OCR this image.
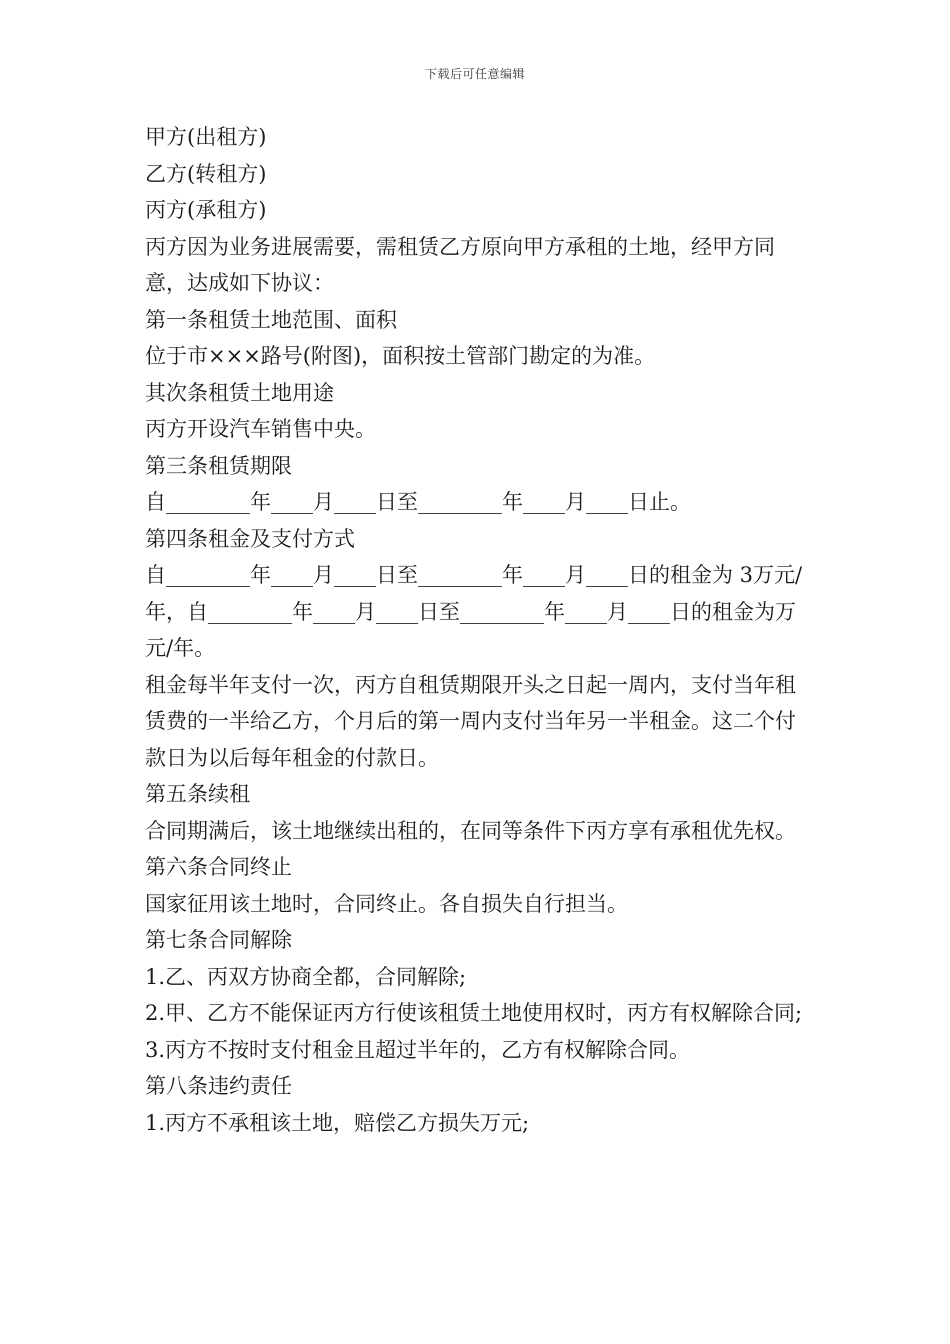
下载后可任意编辑

甲方(出租方)

乙方(转租方)

丙方(承租方)

丙方因为业务进展需要，需租赁乙方原向甲方承租的土地，经甲方同意，达成如下协议：

第一条租赁土地范围、面积

位于市×××路号(附图)，面积按土管部门勘定的为准。

其次条租赁土地用途

丙方开设汽车销售中央。

第三条租赁期限

自________年____月____日至________年____月____日止。

第四条租金及支付方式

自________年____月____日至________年____月____日的租金为 3万元/年，自________年____月____日至________年____月____日的租金为万元/年。

租金每半年支付一次，丙方自租赁期限开头之日起一周内，支付当年租赁费的一半给乙方，个月后的第一周内支付当年另一半租金。这二个付款日为以后每年租金的付款日。

第五条续租

合同期满后，该土地继续出租的，在同等条件下丙方享有承租优先权。

第六条合同终止

国家征用该土地时，合同终止。各自损失自行担当。

第七条合同解除

1.乙、丙双方协商全都，合同解除;

2.甲、乙方不能保证丙方行使该租赁土地使用权时，丙方有权解除合同;

3.丙方不按时支付租金且超过半年的，乙方有权解除合同。

第八条违约责任

1.丙方不承租该土地，赔偿乙方损失万元;
